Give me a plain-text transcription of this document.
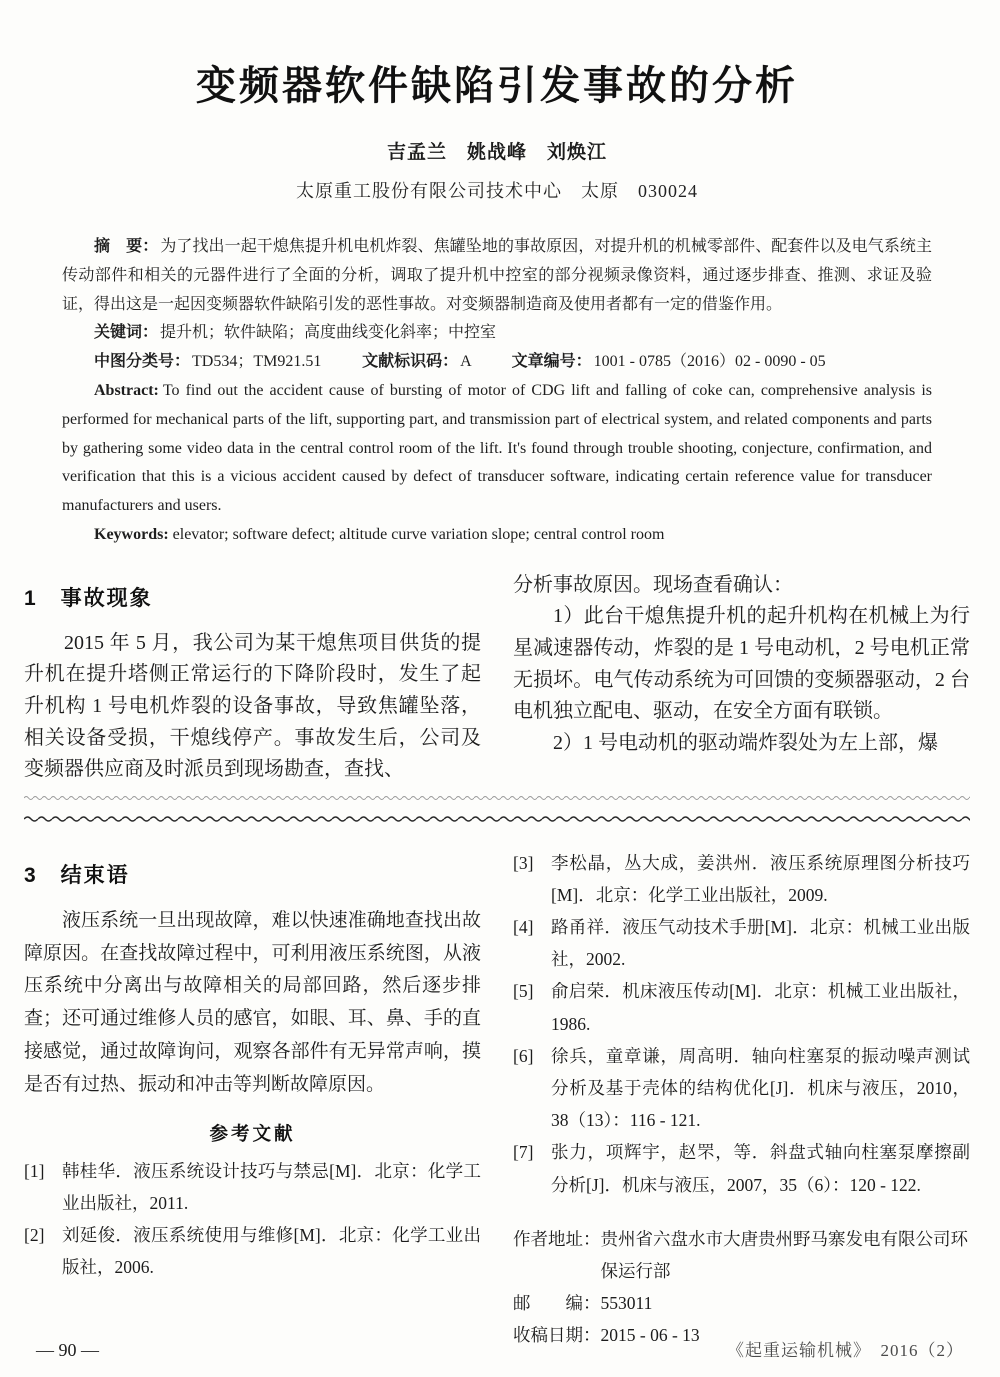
变频器软件缺陷引发事故的分析
吉孟兰　姚战峰　刘焕江
太原重工股份有限公司技术中心　太原　030024

摘　要： 为了找出一起干熄焦提升机电机炸裂、焦罐坠地的事故原因，对提升机的机械零部件、配套件以及电气系统主传动部件和相关的元器件进行了全面的分析，调取了提升机中控室的部分视频录像资料，通过逐步排查、推测、求证及验证，得出这是一起因变频器软件缺陷引发的恶性事故。对变频器制造商及使用者都有一定的借鉴作用。

关键词： 提升机；软件缺陷；高度曲线变化斜率；中控室

中图分类号： TD534；TM921.51	文献标识码： A	文章编号： 1001 - 0785（2016）02 - 0090 - 05

Abstract: To find out the accident cause of bursting of motor of CDG lift and falling of coke can, comprehensive analysis is performed for mechanical parts of the lift, supporting part, and transmission part of electrical system, and related components and parts by gathering some video data in the central control room of the lift. It's found through trouble shooting, conjecture, confirmation, and verification that this is a vicious accident caused by defect of transducer software, indicating certain reference value for transducer manufacturers and users.

Keywords: elevator; software defect; altitude curve variation slope; central control room

1　事故现象

2015 年 5 月，我公司为某干熄焦项目供货的提升机在提升塔侧正常运行的下降阶段时，发生了起升机构 1 号电机炸裂的设备事故，导致焦罐坠落，相关设备受损，干熄线停产。事故发生后，公司及变频器供应商及时派员到现场勘查，查找、

分析事故原因。现场查看确认：

1）此台干熄焦提升机的起升机构在机械上为行星减速器传动，炸裂的是 1 号电动机，2 号电机正常无损坏。电气传动系统为可回馈的变频器驱动，2 台电机独立配电、驱动，在安全方面有联锁。

2）1 号电动机的驱动端炸裂处为左上部，爆

3　结束语

液压系统一旦出现故障，难以快速准确地查找出故障原因。在查找故障过程中，可利用液压系统图，从液压系统中分离出与故障相关的局部回路，然后逐步排查；还可通过维修人员的感官，如眼、耳、鼻、手的直接感觉，通过故障询问，观察各部件有无异常声响，摸是否有过热、振动和冲击等判断故障原因。

参考文献
[1]	韩桂华．液压系统设计技巧与禁忌[M]．北京：化学工业出版社，2011.
[2]	刘延俊．液压系统使用与维修[M]．北京：化学工业出版社，2006.
[3]	李松晶，丛大成，姜洪州．液压系统原理图分析技巧[M]．北京：化学工业出版社，2009.
[4]	路甬祥．液压气动技术手册[M]．北京：机械工业出版社，2002.
[5]	俞启荣．机床液压传动[M]．北京：机械工业出版社，1986.
[6]	徐兵，童章谦，周高明．轴向柱塞泵的振动噪声测试分析及基于壳体的结构优化[J]．机床与液压，2010，38（13）：116 - 121.
[7]	张力，项辉宇，赵罘，等．斜盘式轴向柱塞泵摩擦副分析[J]．机床与液压，2007，35（6）：120 - 122.
作者地址： 贵州省六盘水市大唐贵州野马寨发电有限公司环保运行部
邮　　编： 553011
收稿日期： 2015 - 06 - 13
— 90 —	《起重运输机械》　2016（2）
